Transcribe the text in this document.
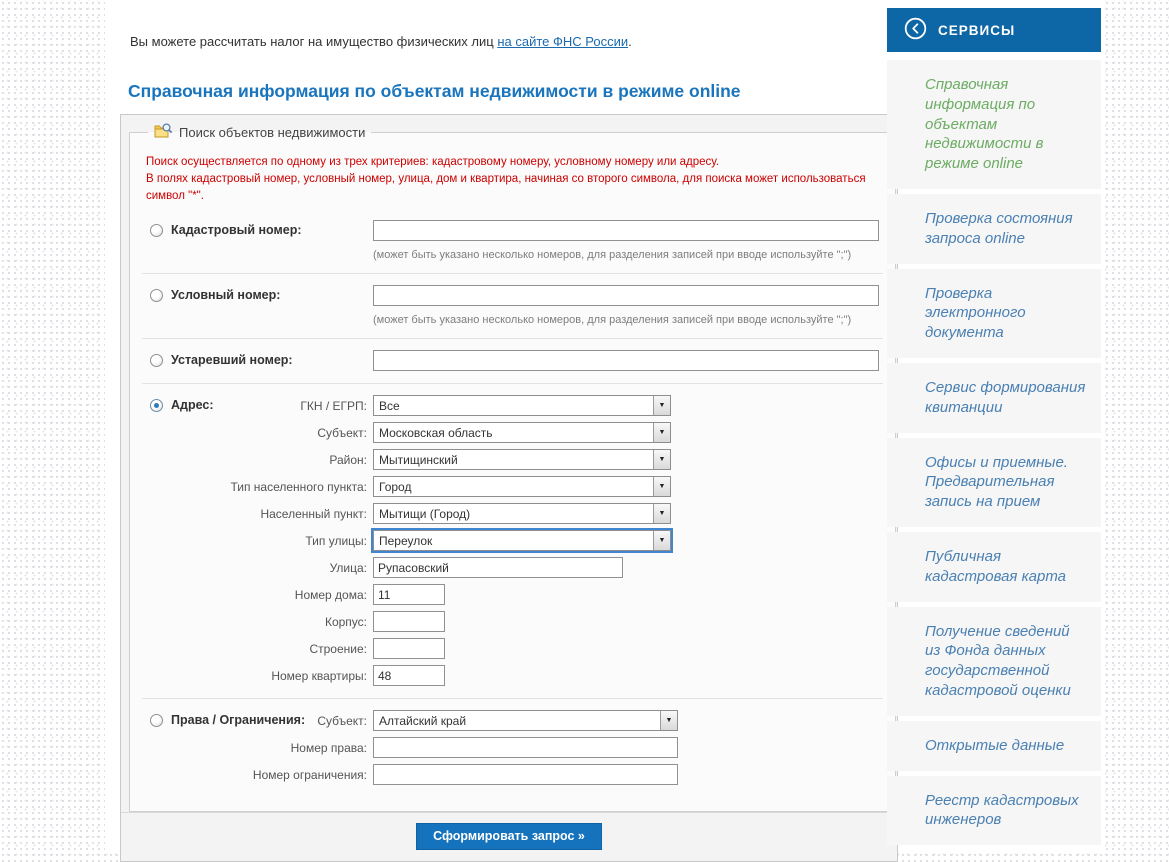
Вы можете рассчитать налог на имущество физических лиц на сайте ФНС России.
Справочная информация по объектам недвижимости в режиме online
Поиск объектов недвижимости
Поиск осуществляется по одному из трех критериев: кадастровому номеру, условному номеру или адресу.
В полях кадастровый номер, условный номер, улица, дом и квартира, начиная со второго символа, для поиска может использоваться символ "*".
Кадастровый номер:
(может быть указано несколько номеров, для разделения записей при вводе используйте ";")
Условный номер:
(может быть указано несколько номеров, для разделения записей при вводе используйте ";")
Устаревший номер:
Адрес:	ГКН / ЕГРП:	Все	▼
Субъект:	Московская область	▼
Район:	Мытищинский	▼
Тип населенного пункта:	Город	▼
Населенный пункт:	Мытищи (Город)	▼
Тип улицы:	Переулок	▼
Улица:
Рупасовский
Номер дома:
11
Корпус:
Строение:
Номер квартиры:
48
Права / Ограничения:	Субъект:	Алтайский край	▼
Номер права:
Номер ограничения:
Сформировать запрос »
СЕРВИСЫ
Справочная информация по объектам недвижимости в режиме online
Проверка состояния запроса online
Проверка электронного документа
Сервис формирования квитанции
Офисы и приемные. Предварительная запись на прием
Публичная кадастровая карта
Получение сведений из Фонда данных государственной кадастровой оценки
Открытые данные
Реестр кадастровых инженеров
